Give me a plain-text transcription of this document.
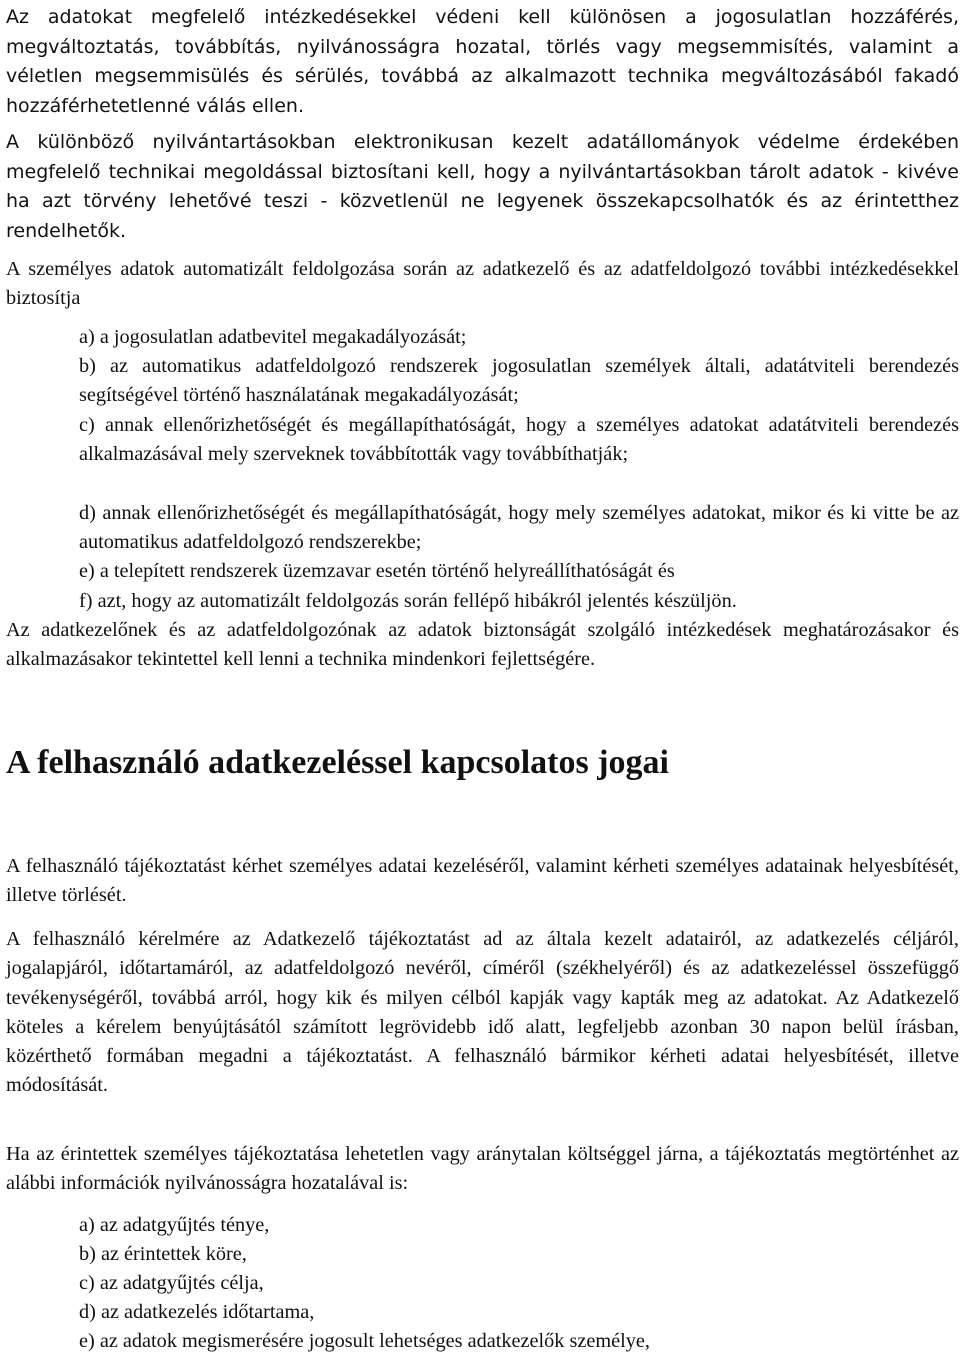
Az adatokat megfelelő intézkedésekkel védeni kell különösen a jogosulatlan hozzáférés, megváltoztatás, továbbítás, nyilvánosságra hozatal, törlés vagy megsemmisítés, valamint a véletlen megsemmisülés és sérülés, továbbá az alkalmazott technika megváltozásából fakadó hozzáférhetetlenné válás ellen.
A különböző nyilvántartásokban elektronikusan kezelt adatállományok védelme érdekében megfelelő technikai megoldással biztosítani kell, hogy a nyilvántartásokban tárolt adatok - kivéve ha azt törvény lehetővé teszi - közvetlenül ne legyenek összekapcsolhatók és az érintetthez rendelhetők.
A személyes adatok automatizált feldolgozása során az adatkezelő és az adatfeldolgozó további intézkedésekkel biztosítja
a) a jogosulatlan adatbevitel megakadályozását;
b) az automatikus adatfeldolgozó rendszerek jogosulatlan személyek általi, adatátviteli berendezés segítségével történő használatának megakadályozását;
c) annak ellenőrizhetőségét és megállapíthatóságát, hogy a személyes adatokat adatátviteli berendezés alkalmazásával mely szerveknek továbbították vagy továbbíthatják;
d) annak ellenőrizhetőségét és megállapíthatóságát, hogy mely személyes adatokat, mikor és ki vitte be az automatikus adatfeldolgozó rendszerekbe;
e) a telepített rendszerek üzemzavar esetén történő helyreállíthatóságát és
f) azt, hogy az automatizált feldolgozás során fellépő hibákról jelentés készüljön.
Az adatkezelőnek és az adatfeldolgozónak az adatok biztonságát szolgáló intézkedések meghatározásakor és alkalmazásakor tekintettel kell lenni a technika mindenkori fejlettségére.
A felhasználó adatkezeléssel kapcsolatos jogai
A felhasználó tájékoztatást kérhet személyes adatai kezeléséről, valamint kérheti személyes adatainak helyesbítését, illetve törlését.
A felhasználó kérelmére az Adatkezelő tájékoztatást ad az általa kezelt adatairól, az adatkezelés céljáról, jogalapjáról, időtartamáról, az adatfeldolgozó nevéről, címéről (székhelyéről) és az adatkezeléssel összefüggő tevékenységéről, továbbá arról, hogy kik és milyen célból kapják vagy kapták meg az adatokat. Az Adatkezelő köteles a kérelem benyújtásától számított legrövidebb idő alatt, legfeljebb azonban 30 napon belül írásban, közérthető formában megadni a tájékoztatást. A felhasználó bármikor kérheti adatai helyesbítését, illetve módosítását.
Ha az érintettek személyes tájékoztatása lehetetlen vagy aránytalan költséggel járna, a tájékoztatás megtörténhet az alábbi információk nyilvánosságra hozatalával is:
a) az adatgyűjtés ténye,
b) az érintettek köre,
c) az adatgyűjtés célja,
d) az adatkezelés időtartama,
e) az adatok megismerésére jogosult lehetséges adatkezelők személye,
